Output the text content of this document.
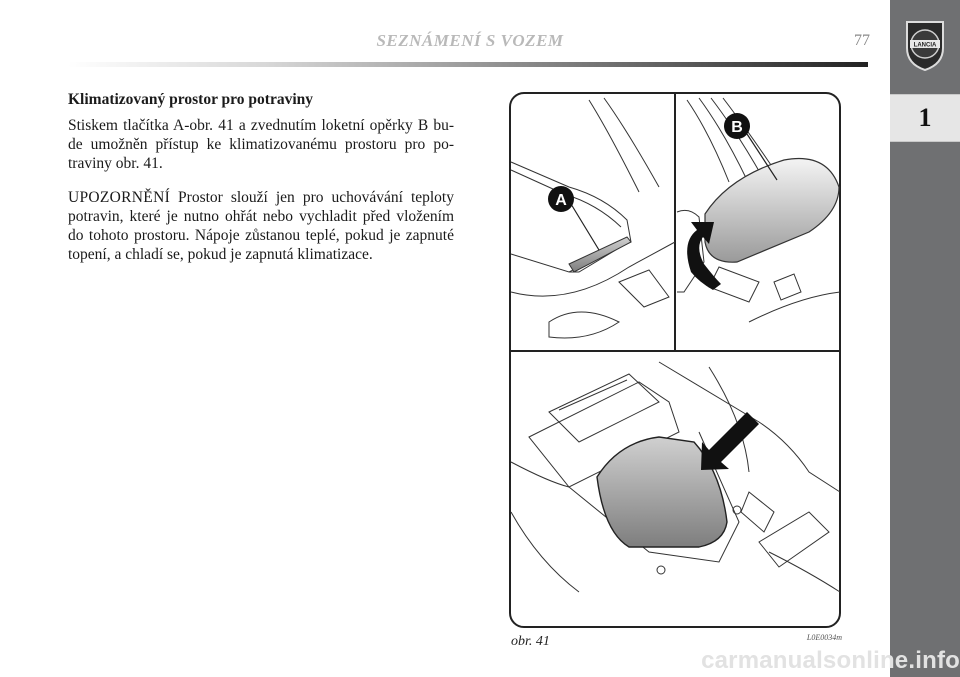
SEZNÁMENÍ S VOZEM	77	LANCIA
1
Klimatizovaný prostor pro potraviny
Stiskem tlačítka A-obr. 41 a zvednutím loketní opěrky B bu-de umožněn přístup ke klimatizovanému prostoru pro po-traviny obr. 41.
UPOZORNĚNÍ Prostor slouží jen pro uchovávání teploty potravin, které je nutno ohřát nebo vychladit před vložením do tohoto prostoru. Nápoje zůstanou teplé, pokud je zapnuté topení, a chladí se, pokud je zapnutá klimatizace.
A
B
obr. 41	L0E0034m
carmanualsonline.info
